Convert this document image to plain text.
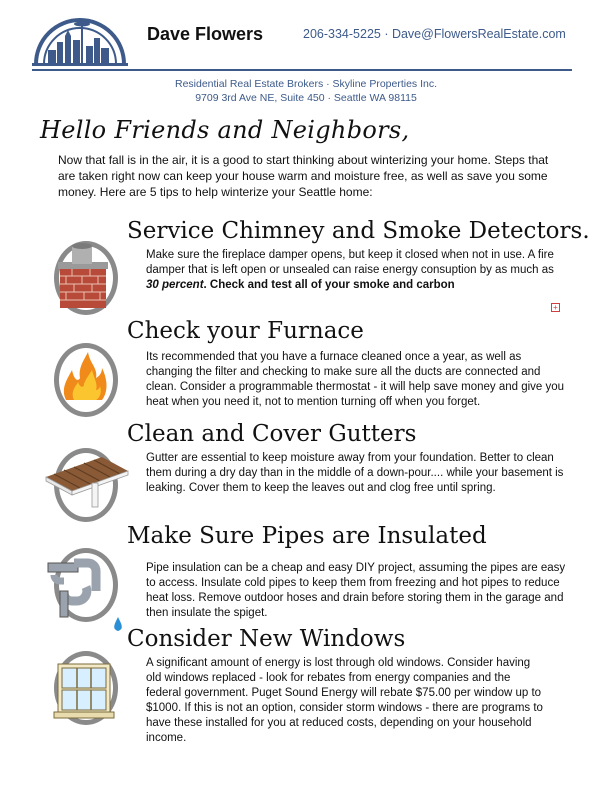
Dave Flowers	206-334-5225 · Dave@FlowersRealEstate.com
Residential Real Estate Brokers · Skyline Properties Inc.
9709 3rd Ave NE, Suite 450 · Seattle WA 98115
Hello Friends and Neighbors,
Now that fall is in the air, it is a good to start thinking about winterizing your home. Steps that are taken right now can keep your house warm and moisture free, as well as save you some money. Here are 5 tips to help winterize your Seattle home:
Service Chimney and Smoke Detectors.
Make sure the fireplace damper opens, but keep it closed when not in use. A fire damper that is left open or unsealed can raise energy consuption by as much as 30 percent. Check and test all of your smoke and carbon
+
Check your Furnace
Its recommended that you have a furnace cleaned once a year, as well as changing the filter and checking to make sure all the ducts are connected and clean. Consider a programmable thermostat - it will help save money and give you heat when you need it, not to mention turning off when you forget.
Clean and Cover Gutters
Gutter are essential to keep moisture away from your foundation. Better to clean them during a dry day than in the middle of a down-pour.... while your basement is leaking. Cover them to keep the leaves out and clog free until spring.
Make Sure Pipes are Insulated
Pipe insulation can be a cheap and easy DIY project, assuming the pipes are easy to access. Insulate cold pipes to keep them from freezing and hot pipes to reduce heat loss. Remove outdoor hoses and drain before storing them in the garage and then insulate the spiget.
Consider New Windows
A significant amount of energy is lost through old windows. Consider having old windows replaced - look for rebates from energy companies and the federal government. Puget Sound Energy will rebate $75.00 per window up to $1000. If this is not an option, consider storm windows - there are programs to have these installed for you at reduced costs, depending on your household income.
